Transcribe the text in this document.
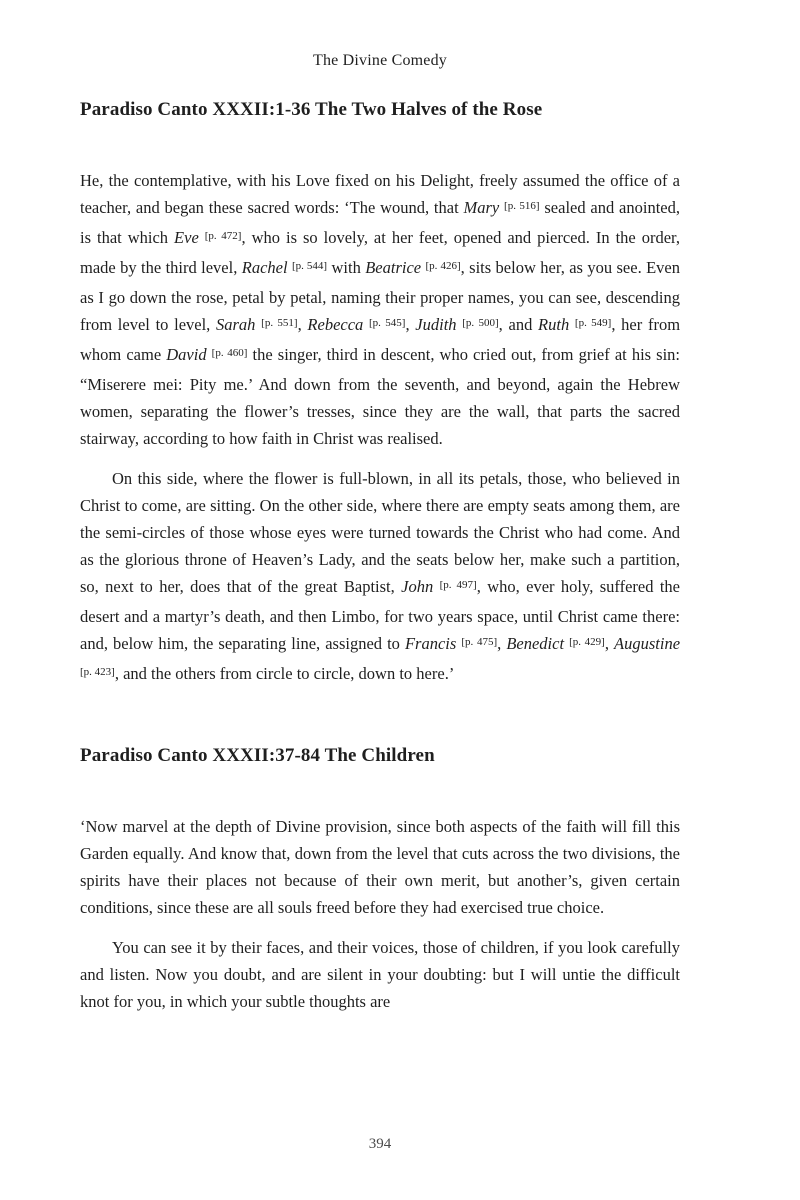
The Divine Comedy
Paradiso Canto XXXII:1-36 The Two Halves of the Rose

He, the contemplative, with his Love fixed on his Delight, freely assumed the office of a teacher, and began these sacred words: ‘The wound, that Mary [p. 516] sealed and anointed, is that which Eve [p. 472], who is so lovely, at her feet, opened and pierced. In the order, made by the third level, Rachel [p. 544] with Beatrice [p. 426], sits below her, as you see. Even as I go down the rose, petal by petal, naming their proper names, you can see, descending from level to level, Sarah [p. 551], Rebecca [p. 545], Judith [p. 500], and Ruth [p. 549], her from whom came David [p. 460] the singer, third in descent, who cried out, from grief at his sin: “Miserere mei: Pity me.’ And down from the seventh, and beyond, again the Hebrew women, separating the flower’s tresses, since they are the wall, that parts the sacred stairway, according to how faith in Christ was realised.

On this side, where the flower is full-blown, in all its petals, those, who believed in Christ to come, are sitting. On the other side, where there are empty seats among them, are the semi-circles of those whose eyes were turned towards the Christ who had come. And as the glorious throne of Heaven’s Lady, and the seats below her, make such a partition, so, next to her, does that of the great Baptist, John [p. 497], who, ever holy, suffered the desert and a martyr’s death, and then Limbo, for two years space, until Christ came there: and, below him, the separating line, assigned to Francis [p. 475], Benedict [p. 429], Augustine [p. 423], and the others from circle to circle, down to here.’

Paradiso Canto XXXII:37-84 The Children

‘Now marvel at the depth of Divine provision, since both aspects of the faith will fill this Garden equally. And know that, down from the level that cuts across the two divisions, the spirits have their places not because of their own merit, but another’s, given certain conditions, since these are all souls freed before they had exercised true choice.

You can see it by their faces, and their voices, those of children, if you look carefully and listen. Now you doubt, and are silent in your doubting: but I will untie the difficult knot for you, in which your subtle thoughts are

394
